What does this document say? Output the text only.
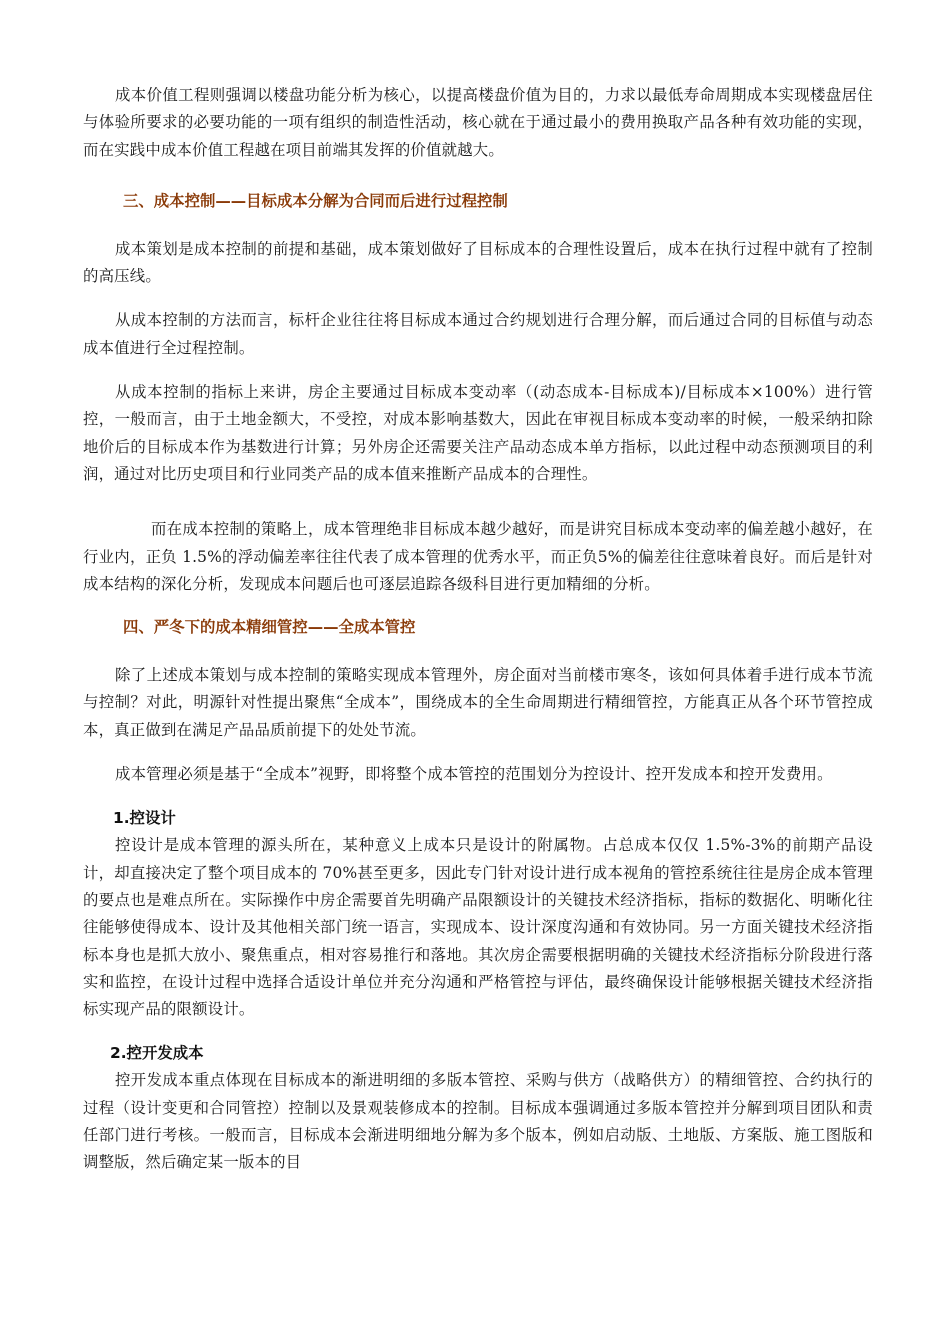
成本价值工程则强调以楼盘功能分析为核心，以提高楼盘价值为目的，力求以最低寿命周期成本实现楼盘居住与体验所要求的必要功能的一项有组织的制造性活动，核心就在于通过最小的费用换取产品各种有效功能的实现，而在实践中成本价值工程越在项目前端其发挥的价值就越大。

三、成本控制——目标成本分解为合同而后进行过程控制

成本策划是成本控制的前提和基础，成本策划做好了目标成本的合理性设置后，成本在执行过程中就有了控制的高压线。

从成本控制的方法而言，标杆企业往往将目标成本通过合约规划进行合理分解，而后通过合同的目标值与动态成本值进行全过程控制。

从成本控制的指标上来讲，房企主要通过目标成本变动率（(动态成本-目标成本)/目标成本×100%）进行管控，一般而言，由于土地金额大，不受控，对成本影响基数大，因此在审视目标成本变动率的时候，一般采纳扣除地价后的目标成本作为基数进行计算；另外房企还需要关注产品动态成本单方指标，以此过程中动态预测项目的利润，通过对比历史项目和行业同类产品的成本值来推断产品成本的合理性。

而在成本控制的策略上，成本管理绝非目标成本越少越好，而是讲究目标成本变动率的偏差越小越好，在行业内，正负 1.5%的浮动偏差率往往代表了成本管理的优秀水平，而正负5%的偏差往往意味着良好。而后是针对成本结构的深化分析，发现成本问题后也可逐层追踪各级科目进行更加精细的分析。

四、严冬下的成本精细管控——全成本管控

除了上述成本策划与成本控制的策略实现成本管理外，房企面对当前楼市寒冬，该如何具体着手进行成本节流与控制？对此，明源针对性提出聚焦“全成本”，围绕成本的全生命周期进行精细管控，方能真正从各个环节管控成本，真正做到在满足产品品质前提下的处处节流。

成本管理必须是基于“全成本”视野，即将整个成本管控的范围划分为控设计、控开发成本和控开发费用。

1.控设计

控设计是成本管理的源头所在，某种意义上成本只是设计的附属物。占总成本仅仅 1.5%-3%的前期产品设计，却直接决定了整个项目成本的 70%甚至更多，因此专门针对设计进行成本视角的管控系统往往是房企成本管理的要点也是难点所在。实际操作中房企需要首先明确产品限额设计的关键技术经济指标，指标的数据化、明晰化往往能够使得成本、设计及其他相关部门统一语言，实现成本、设计深度沟通和有效协同。另一方面关键技术经济指标本身也是抓大放小、聚焦重点，相对容易推行和落地。其次房企需要根据明确的关键技术经济指标分阶段进行落实和监控，在设计过程中选择合适设计单位并充分沟通和严格管控与评估，最终确保设计能够根据关键技术经济指标实现产品的限额设计。

2.控开发成本

控开发成本重点体现在目标成本的渐进明细的多版本管控、采购与供方（战略供方）的精细管控、合约执行的过程（设计变更和合同管控）控制以及景观装修成本的控制。目标成本强调通过多版本管控并分解到项目团队和责任部门进行考核。一般而言，目标成本会渐进明细地分解为多个版本，例如启动版、土地版、方案版、施工图版和调整版，然后确定某一版本的目
